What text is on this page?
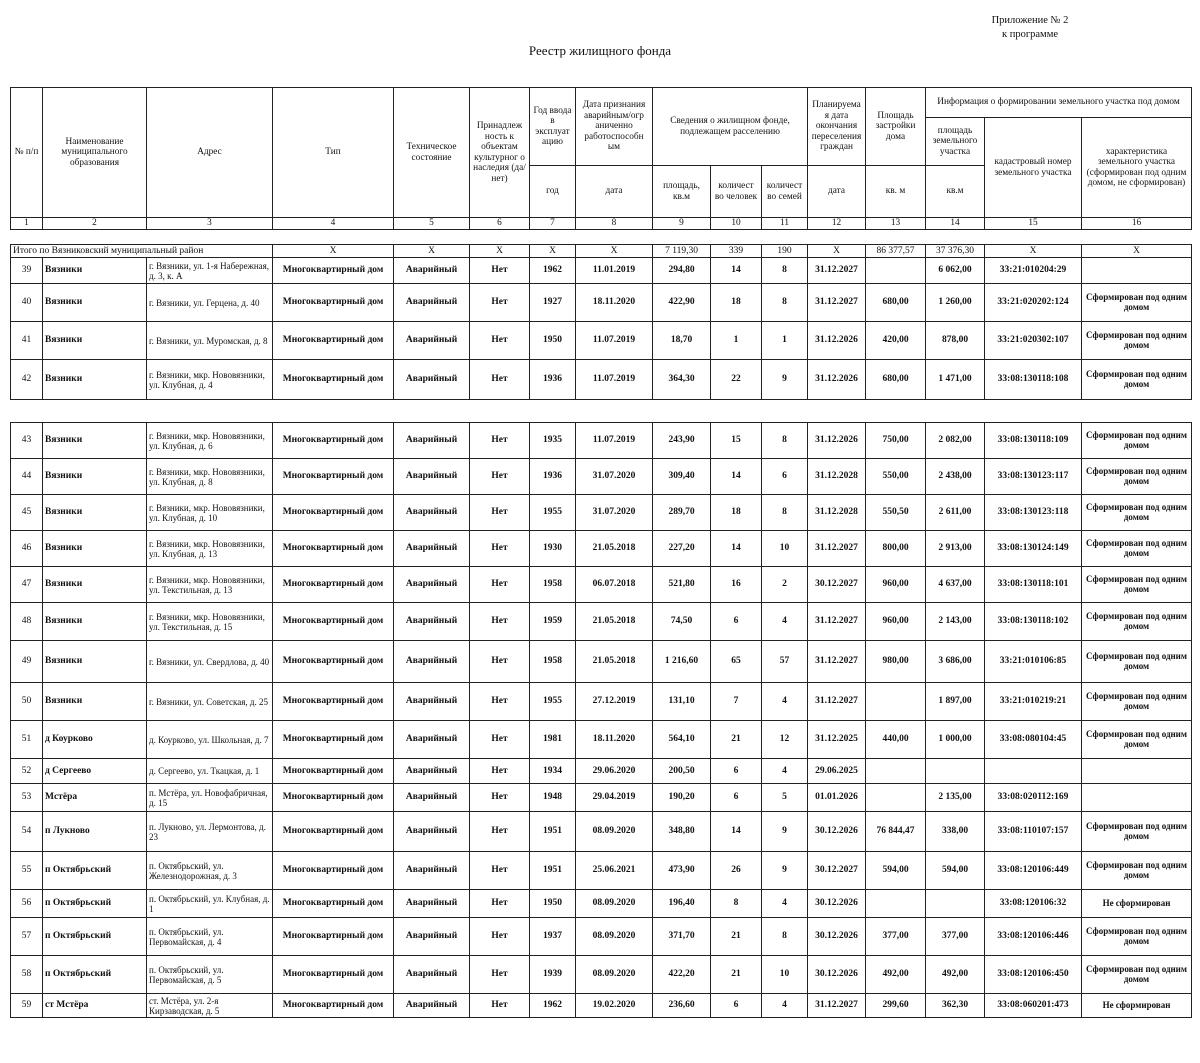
Приложение № 2
к программе
Реестр жилищного фонда
№ п/п	Наименование муниципального образования	Адрес	Тип	Техническое состояние	Принадлеж ность к объектам культурног о наследия (да/нет)	Год ввода в эксплуат ацию	Дата признания аварийным/огр аниченно работоспособн ым	Сведения о жилищном фонде, подлежащем расселению			Планируема я дата окончания переселения граждан	Площадь застройки дома	Информация о формировании земельного участка под домом		
													площадь земельного участка	кадастровый номер земельного участка	характеристика земельного участка (сформирован под одним домом, не сформирован)
						год	дата	площадь, кв.м	количест во человек	количест во семей	дата	кв. м	кв.м		
1	2	3	4	5	6	7	8	9	10	11	12	13	14	15	16
Итого по Вязниковский муниципальный район			X	X	X	X	X	7 119,30	339	190	X	86 377,57	37 376,30	X	X
39	Вязники	г. Вязники, ул. 1-я Набережная, д. 3, к. А	Многоквартирный дом	Аварийный	Нет	1962	11.01.2019	294,80	14	8	31.12.2027		6 062,00	33:21:010204:29	
40	Вязники	г. Вязники, ул. Герцена, д. 40	Многоквартирный дом	Аварийный	Нет	1927	18.11.2020	422,90	18	8	31.12.2027	680,00	1 260,00	33:21:020202:124	Сформирован под одним домом
41	Вязники	г. Вязники, ул. Муромская, д. 8	Многоквартирный дом	Аварийный	Нет	1950	11.07.2019	18,70	1	1	31.12.2026	420,00	878,00	33:21:020302:107	Сформирован под одним домом
42	Вязники	г. Вязники, мкр. Нововязники, ул. Клубная, д. 4	Многоквартирный дом	Аварийный	Нет	1936	11.07.2019	364,30	22	9	31.12.2026	680,00	1 471,00	33:08:130118:108	Сформирован под одним домом
43	Вязники	г. Вязники, мкр. Нововязники, ул. Клубная, д. 6	Многоквартирный дом	Аварийный	Нет	1935	11.07.2019	243,90	15	8	31.12.2026	750,00	2 082,00	33:08:130118:109	Сформирован под одним домом
44	Вязники	г. Вязники, мкр. Нововязники, ул. Клубная, д. 8	Многоквартирный дом	Аварийный	Нет	1936	31.07.2020	309,40	14	6	31.12.2028	550,00	2 438,00	33:08:130123:117	Сформирован под одним домом
45	Вязники	г. Вязники, мкр. Нововязники, ул. Клубная, д. 10	Многоквартирный дом	Аварийный	Нет	1955	31.07.2020	289,70	18	8	31.12.2028	550,50	2 611,00	33:08:130123:118	Сформирован под одним домом
46	Вязники	г. Вязники, мкр. Нововязники, ул. Клубная, д. 13	Многоквартирный дом	Аварийный	Нет	1930	21.05.2018	227,20	14	10	31.12.2027	800,00	2 913,00	33:08:130124:149	Сформирован под одним домом
47	Вязники	г. Вязники, мкр. Нововязники, ул. Текстильная, д. 13	Многоквартирный дом	Аварийный	Нет	1958	06.07.2018	521,80	16	2	30.12.2027	960,00	4 637,00	33:08:130118:101	Сформирован под одним домом
48	Вязники	г. Вязники, мкр. Нововязники, ул. Текстильная, д. 15	Многоквартирный дом	Аварийный	Нет	1959	21.05.2018	74,50	6	4	31.12.2027	960,00	2 143,00	33:08:130118:102	Сформирован под одним домом
49	Вязники	г. Вязники, ул. Свердлова, д. 40	Многоквартирный дом	Аварийный	Нет	1958	21.05.2018	1 216,60	65	57	31.12.2027	980,00	3 686,00	33:21:010106:85	Сформирован под одним домом
50	Вязники	г. Вязники, ул. Советская, д. 25	Многоквартирный дом	Аварийный	Нет	1955	27.12.2019	131,10	7	4	31.12.2027		1 897,00	33:21:010219:21	Сформирован под одним домом
51	д Коурково	д. Коурково, ул. Школьная, д. 7	Многоквартирный дом	Аварийный	Нет	1981	18.11.2020	564,10	21	12	31.12.2025	440,00	1 000,00	33:08:080104:45	Сформирован под одним домом
52	д Сергеево	д. Сергеево, ул. Ткацкая, д. 1	Многоквартирный дом	Аварийный	Нет	1934	29.06.2020	200,50	6	4	29.06.2025				
53	Мстёра	п. Мстёра, ул. Новофабричная, д. 15	Многоквартирный дом	Аварийный	Нет	1948	29.04.2019	190,20	6	5	01.01.2026		2 135,00	33:08:020112:169	
54	п Лукново	п. Лукново, ул. Лермонтова, д. 23	Многоквартирный дом	Аварийный	Нет	1951	08.09.2020	348,80	14	9	30.12.2026	76 844,47	338,00	33:08:110107:157	Сформирован под одним домом
55	п Октябрьский	п. Октябрьский, ул. Железнодорожная, д. 3	Многоквартирный дом	Аварийный	Нет	1951	25.06.2021	473,90	26	9	30.12.2027	594,00	594,00	33:08:120106:449	Сформирован под одним домом
56	п Октябрьский	п. Октябрьский, ул. Клубная, д. 1	Многоквартирный дом	Аварийный	Нет	1950	08.09.2020	196,40	8	4	30.12.2026			33:08:120106:32	Не сформирован
57	п Октябрьский	п. Октябрьский, ул. Первомайская, д. 4	Многоквартирный дом	Аварийный	Нет	1937	08.09.2020	371,70	21	8	30.12.2026	377,00	377,00	33:08:120106:446	Сформирован под одним домом
58	п Октябрьский	п. Октябрьский, ул. Первомайская, д. 5	Многоквартирный дом	Аварийный	Нет	1939	08.09.2020	422,20	21	10	30.12.2026	492,00	492,00	33:08:120106:450	Сформирован под одним домом
59	ст Мстёра	ст. Мстёра, ул. 2-я Кирзаводская, д. 5	Многоквартирный дом	Аварийный	Нет	1962	19.02.2020	236,60	6	4	31.12.2027	299,60	362,30	33:08:060201:473	Не сформирован
